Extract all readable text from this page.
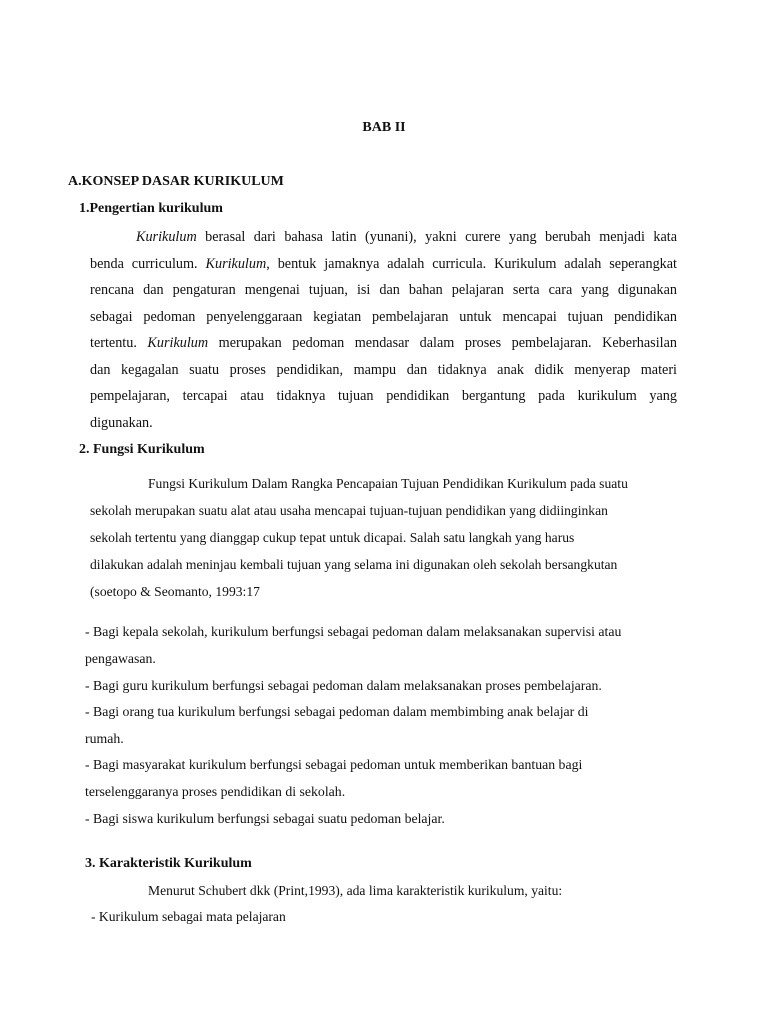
BAB II
A.KONSEP DASAR KURIKULUM
1.Pengertian kurikulum
Kurikulum berasal dari bahasa latin (yunani), yakni curere yang berubah menjadi kata
benda curriculum. Kurikulum, bentuk jamaknya adalah curricula. Kurikulum adalah seperangkat
rencana dan pengaturan mengenai tujuan, isi dan bahan pelajaran serta cara yang digunakan
sebagai pedoman penyelenggaraan kegiatan pembelajaran untuk mencapai tujuan pendidikan
tertentu. Kurikulum merupakan pedoman mendasar dalam proses pembelajaran. Keberhasilan
dan kegagalan suatu proses pendidikan, mampu dan tidaknya anak didik menyerap materi
pempelajaran, tercapai atau tidaknya tujuan pendidikan bergantung pada kurikulum yang
digunakan.
2. Fungsi Kurikulum
Fungsi Kurikulum Dalam Rangka Pencapaian Tujuan Pendidikan Kurikulum pada suatu
sekolah merupakan suatu alat atau usaha mencapai tujuan-tujuan pendidikan yang didiinginkan
sekolah tertentu yang dianggap cukup tepat untuk dicapai. Salah satu langkah yang harus
dilakukan adalah meninjau kembali tujuan yang selama ini digunakan oleh sekolah bersangkutan
(soetopo & Seomanto, 1993:17
- Bagi kepala sekolah, kurikulum berfungsi sebagai pedoman dalam melaksanakan supervisi atau
pengawasan.
- Bagi guru kurikulum berfungsi sebagai pedoman dalam melaksanakan proses pembelajaran.
- Bagi orang tua kurikulum berfungsi sebagai pedoman dalam membimbing anak belajar di
rumah.
- Bagi masyarakat kurikulum berfungsi sebagai pedoman untuk memberikan bantuan bagi
terselenggaranya proses pendidikan di sekolah.
- Bagi siswa kurikulum berfungsi sebagai suatu pedoman belajar.
3. Karakteristik Kurikulum
Menurut Schubert dkk (Print,1993), ada lima karakteristik kurikulum, yaitu:
- Kurikulum sebagai mata pelajaran
